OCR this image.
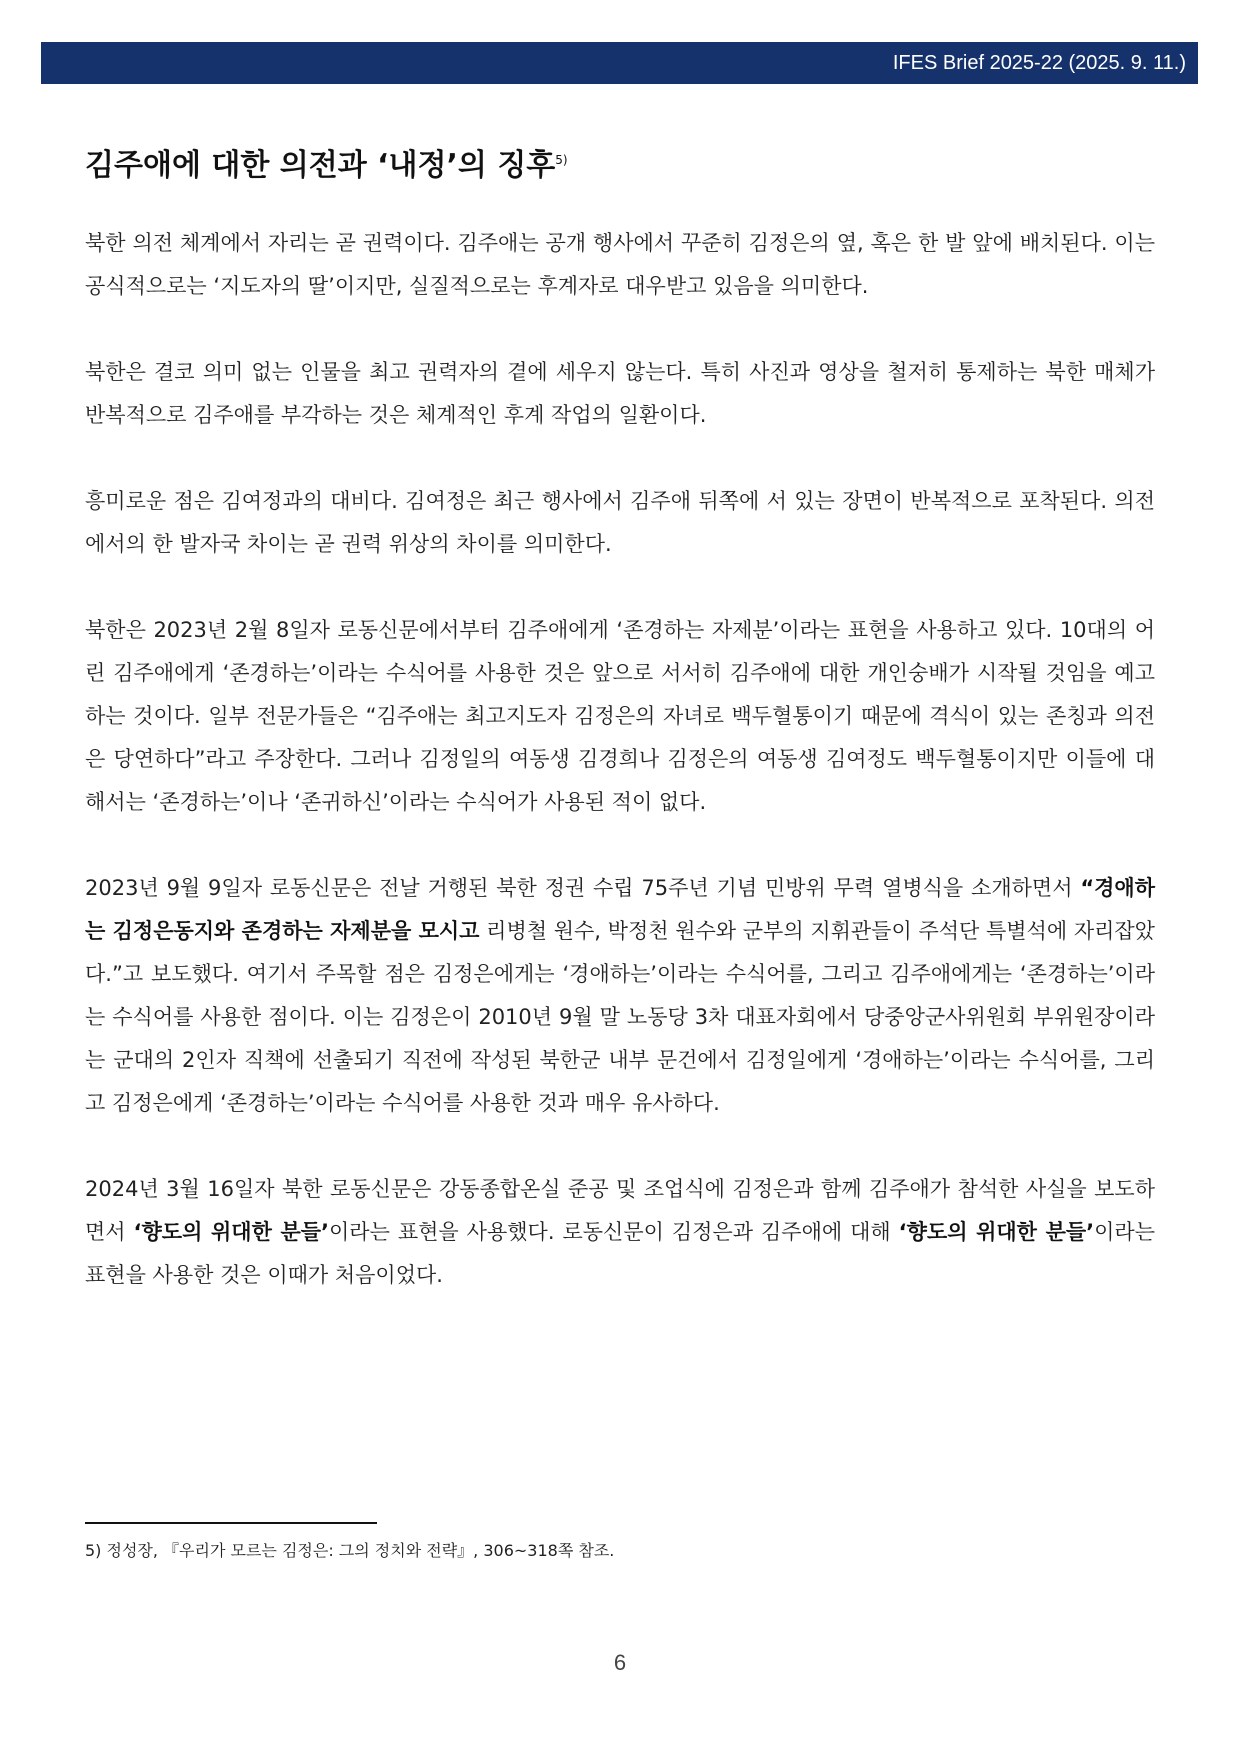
IFES Brief 2025-22 (2025. 9. 11.)
김주애에 대한 의전과 ‘내정’의 징후$^{5)}$

북한 의전 체계에서 자리는 곧 권력이다. 김주애는 공개 행사에서 꾸준히 김정은의 옆, 혹은 한 발 앞에 배치된다. 이는 공식적으로는 ‘지도자의 딸’이지만, 실질적으로는 후계자로 대우받고 있음을 의미한다.

북한은 결코 의미 없는 인물을 최고 권력자의 곁에 세우지 않는다. 특히 사진과 영상을 철저히 통제하는 북한 매체가 반복적으로 김주애를 부각하는 것은 체계적인 후계 작업의 일환이다.

흥미로운 점은 김여정과의 대비다. 김여정은 최근 행사에서 김주애 뒤쪽에 서 있는 장면이 반복적으로 포착된다. 의전에서의 한 발자국 차이는 곧 권력 위상의 차이를 의미한다.

북한은 2023년 2월 8일자 로동신문에서부터 김주애에게 ‘존경하는 자제분’이라는 표현을 사용하고 있다. 10대의 어린 김주애에게 ‘존경하는’이라는 수식어를 사용한 것은 앞으로 서서히 김주애에 대한 개인숭배가 시작될 것임을 예고하는 것이다. 일부 전문가들은 “김주애는 최고지도자 김정은의 자녀로 백두혈통이기 때문에 격식이 있는 존칭과 의전은 당연하다”라고 주장한다. 그러나 김정일의 여동생 김경희나 김정은의 여동생 김여정도 백두혈통이지만 이들에 대해서는 ‘존경하는’이나 ‘존귀하신’이라는 수식어가 사용된 적이 없다.

2023년 9월 9일자 로동신문은 전날 거행된 북한 정권 수립 75주년 기념 민방위 무력 열병식을 소개하면서 “경애하는 김정은동지와 존경하는 자제분을 모시고 리병철 원수, 박정천 원수와 군부의 지휘관들이 주석단 특별석에 자리잡았다.”고 보도했다. 여기서 주목할 점은 김정은에게는 ‘경애하는’이라는 수식어를, 그리고 김주애에게는 ‘존경하는’이라는 수식어를 사용한 점이다. 이는 김정은이 2010년 9월 말 노동당 3차 대표자회에서 당중앙군사위원회 부위원장이라는 군대의 2인자 직책에 선출되기 직전에 작성된 북한군 내부 문건에서 김정일에게 ‘경애하는’이라는 수식어를, 그리고 김정은에게 ‘존경하는’이라는 수식어를 사용한 것과 매우 유사하다.

2024년 3월 16일자 북한 로동신문은 강동종합온실 준공 및 조업식에 김정은과 함께 김주애가 참석한 사실을 보도하면서 ‘향도의 위대한 분들’이라는 표현을 사용했다. 로동신문이 김정은과 김주애에 대해 ‘향도의 위대한 분들’이라는 표현을 사용한 것은 이때가 처음이었다.

5) 정성장, 『우리가 모르는 김정은: 그의 정치와 전략』, 306~318쪽 참조.
6
